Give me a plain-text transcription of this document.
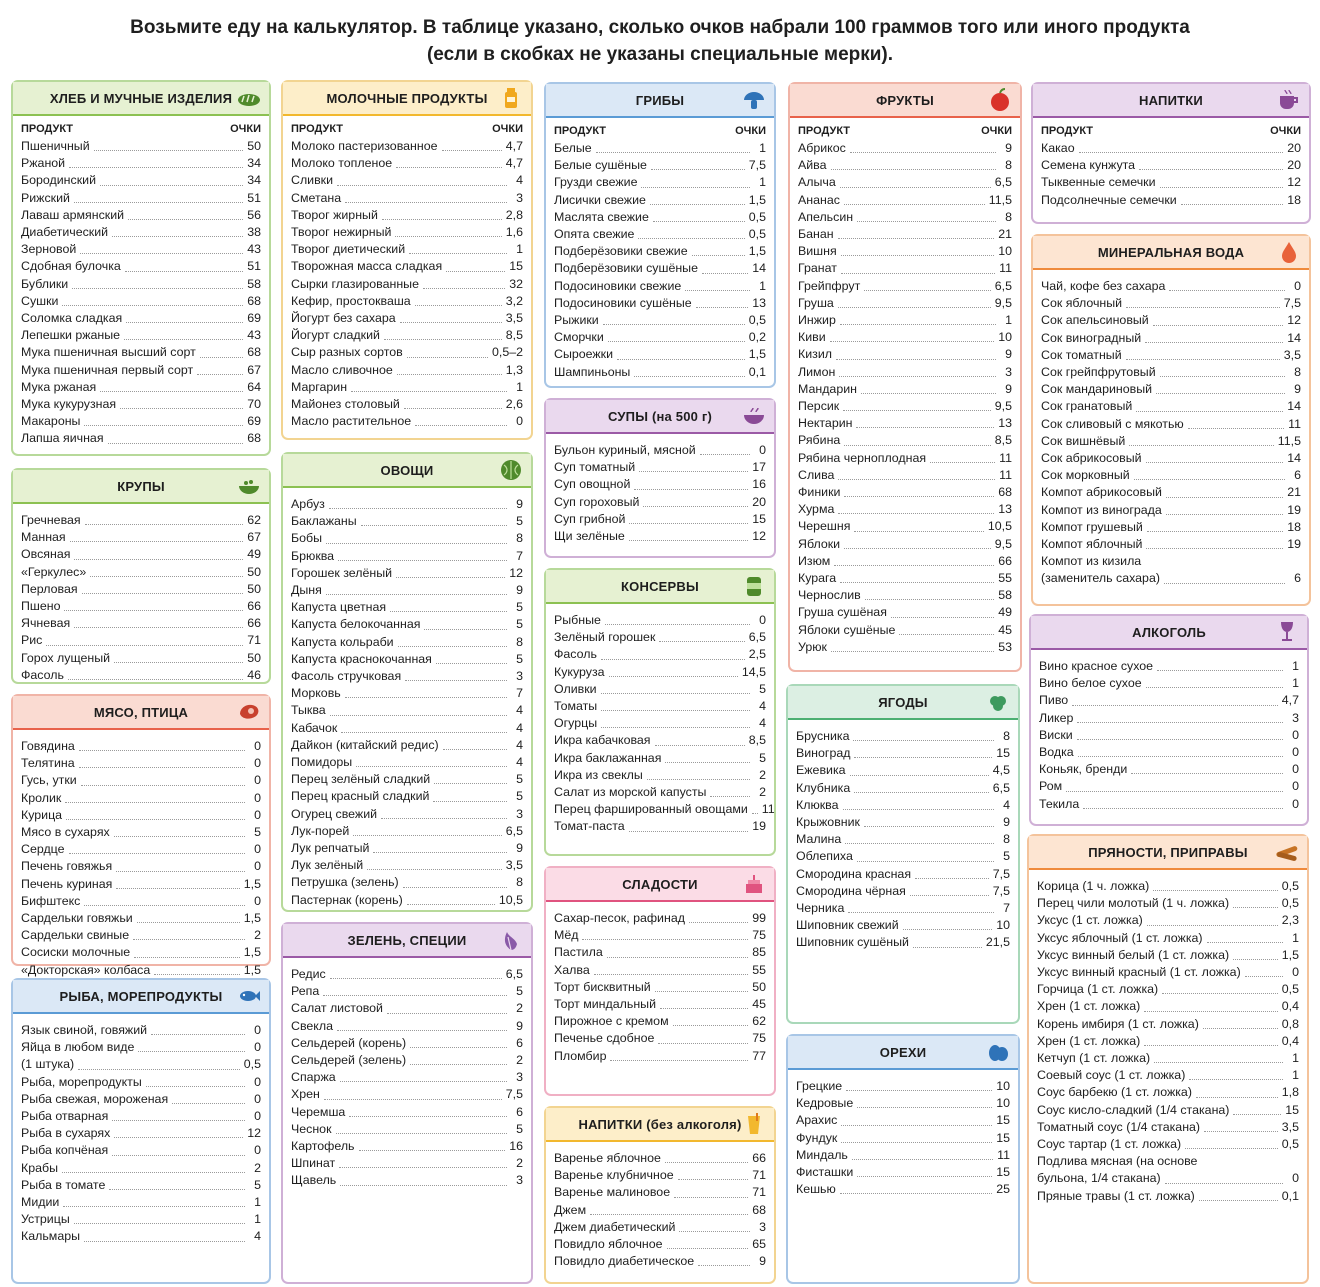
Возьмите еду на калькулятор. В таблице указано, сколько очков набрали 100 граммов того или иного продукта
(если в скобках не указаны специальные мерки).
ХЛЕБ И МУЧНЫЕ ИЗДЕЛИЯ
ПРОДУКТ	ОЧКИ
Пшеничный	50
Ржаной	34
Бородинский	34
Рижский	51
Лаваш армянский	56
Диабетический	38
Зерновой	43
Сдобная булочка	51
Бублики	58
Сушки	68
Соломка сладкая	69
Лепешки ржаные	43
Мука пшеничная высший сорт	68
Мука пшеничная первый сорт	67
Мука ржаная	64
Мука кукурузная	70
Макароны	69
Лапша яичная	68
КРУПЫ
Гречневая	62
Манная	67
Овсяная	49
«Геркулес»	50
Перловая	50
Пшено	66
Ячневая	66
Рис	71
Горох лущеный	50
Фасоль	46
МЯСО, ПТИЦА
Говядина	0
Телятина	0
Гусь, утки	0
Кролик	0
Курица	0
Мясо в сухарях	5
Сердце	0
Печень говяжья	0
Печень куриная	1,5
Бифштекс	0
Сардельки говяжьи	1,5
Сардельки свиные	2
Сосиски молочные	1,5
«Докторская» колбаса	1,5
РЫБА, МОРЕПРОДУКТЫ
Язык свиной, говяжий	0
Яйца в любом виде	0
(1 штука)	0,5
Рыба, морепродукты	0
Рыба свежая, мороженая	0
Рыба отварная	0
Рыба в сухарях	12
Рыба копчёная	0
Крабы	2
Рыба в томате	5
Мидии	1
Устрицы	1
Кальмары	4
МОЛОЧНЫЕ ПРОДУКТЫ
ПРОДУКТ	ОЧКИ
Молоко пастеризованное	4,7
Молоко топленое	4,7
Сливки	4
Сметана	3
Творог жирный	2,8
Творог нежирный	1,6
Творог диетический	1
Творожная масса сладкая	15
Сырки глазированные	32
Кефир, простокваша	3,2
Йогурт без сахара	3,5
Йогурт сладкий	8,5
Сыр разных сортов	0,5–2
Масло сливочное	1,3
Маргарин	1
Майонез столовый	2,6
Масло растительное	0
ОВОЩИ
Арбуз	9
Баклажаны	5
Бобы	8
Брюква	7
Горошек зелёный	12
Дыня	9
Капуста цветная	5
Капуста белокочанная	5
Капуста кольраби	8
Капуста краснокочанная	5
Фасоль стручковая	3
Морковь	7
Тыква	4
Кабачок	4
Дайкон (китайский редис)	4
Помидоры	4
Перец зелёный сладкий	5
Перец красный сладкий	5
Огурец свежий	3
Лук-порей	6,5
Лук репчатый	9
Лук зелёный	3,5
Петрушка (зелень)	8
Пастернак (корень)	10,5
ЗЕЛЕНЬ, СПЕЦИИ
Редис	6,5
Репа	5
Салат листовой	2
Свекла	9
Сельдерей (корень)	6
Сельдерей (зелень)	2
Спаржа	3
Хрен	7,5
Черемша	6
Чеснок	5
Картофель	16
Шпинат	2
Щавель	3
ГРИБЫ
ПРОДУКТ	ОЧКИ
Белые	1
Белые сушёные	7,5
Грузди свежие	1
Лисички свежие	1,5
Маслята свежие	0,5
Опята свежие	0,5
Подберёзовики свежие	1,5
Подберёзовики сушёные	14
Подосиновики свежие	1
Подосиновики сушёные	13
Рыжики	0,5
Сморчки	0,2
Сыроежки	1,5
Шампиньоны	0,1
СУПЫ (на 500 г)
Бульон куриный, мясной	0
Суп томатный	17
Суп овощной	16
Суп гороховый	20
Суп грибной	15
Щи зелёные	12
КОНСЕРВЫ
Рыбные	0
Зелёный горошек	6,5
Фасоль	2,5
Кукуруза	14,5
Оливки	5
Томаты	4
Огурцы	4
Икра кабачковая	8,5
Икра баклажанная	5
Икра из свеклы	2
Салат из морской капусты	2
Перец фаршированный овощами 11
Томат-паста	19
СЛАДОСТИ
Сахар-песок, рафинад	99
Мёд	75
Пастила	85
Халва	55
Торт бисквитный	50
Торт миндальный	45
Пирожное с кремом	62
Печенье сдобное	75
Пломбир	77
НАПИТКИ (без алкоголя)
Варенье яблочное	66
Варенье клубничное	71
Варенье малиновое	71
Джем	68
Джем диабетический	3
Повидло яблочное	65
Повидло диабетическое	9
ФРУКТЫ
ПРОДУКТ	ОЧКИ
Абрикос	9
Айва	8
Алыча	6,5
Ананас	11,5
Апельсин	8
Банан	21
Вишня	10
Гранат	11
Грейпфрут	6,5
Груша	9,5
Инжир	1
Киви	10
Кизил	9
Лимон	3
Мандарин	9
Персик	9,5
Нектарин	13
Рябина	8,5
Рябина черноплодная	11
Слива	11
Финики	68
Хурма	13
Черешня	10,5
Яблоки	9,5
Изюм	66
Курага	55
Чернослив	58
Груша сушёная	49
Яблоки сушёные	45
Урюк	53
ЯГОДЫ
Брусника	8
Виноград	15
Ежевика	4,5
Клубника	6,5
Клюква	4
Крыжовник	9
Малина	8
Облепиха	5
Смородина красная	7,5
Смородина чёрная	7,5
Черника	7
Шиповник свежий	10
Шиповник сушёный	21,5
ОРЕХИ
Грецкие	10
Кедровые	10
Арахис	15
Фундук	15
Миндаль	11
Фисташки	15
Кешью	25
НАПИТКИ
ПРОДУКТ	ОЧКИ
Какао	20
Семена кунжута	20
Тыквенные семечки	12
Подсолнечные семечки	18
МИНЕРАЛЬНАЯ ВОДА
Чай, кофе без сахара	0
Сок яблочный	7,5
Сок апельсиновый	12
Сок виноградный	14
Сок томатный	3,5
Сок грейпфрутовый	8
Сок мандариновый	9
Сок гранатовый	14
Сок сливовый с мякотью	11
Сок вишнёвый	11,5
Сок абрикосовый	14
Сок морковный	6
Компот абрикосовый	21
Компот из винограда	19
Компот грушевый	18
Компот яблочный	19
Компот из кизила
(заменитель сахара)	6
АЛКОГОЛЬ
Вино красное сухое	1
Вино белое сухое	1
Пиво	4,7
Ликер	3
Виски	0
Водка	0
Коньяк, бренди	0
Ром	0
Текила	0
ПРЯНОСТИ, ПРИПРАВЫ
Корица (1 ч. ложка)	0,5
Перец чили молотый (1 ч. ложка)	0,5
Уксус (1 ст. ложка)	2,3
Уксус яблочный (1 ст. ложка)	1
Уксус винный белый (1 ст. ложка)	1,5
Уксус винный красный (1 ст. ложка)	0
Горчица (1 ст. ложка)	0,5
Хрен (1 ст. ложка)	0,4
Корень имбиря (1 ст. ложка)	0,8
Хрен (1 ст. ложка)	0,4
Кетчуп (1 ст. ложка)	1
Соевый соус (1 ст. ложка)	1
Соус барбекю (1 ст. ложка)	1,8
Соус кисло-сладкий (1/4 стакана)	15
Томатный соус (1/4 стакана)	3,5
Соус тартар (1 ст. ложка)	0,5
Подлива мясная (на основе
бульона, 1/4 стакана)	0
Пряные травы (1 ст. ложка)	0,1
